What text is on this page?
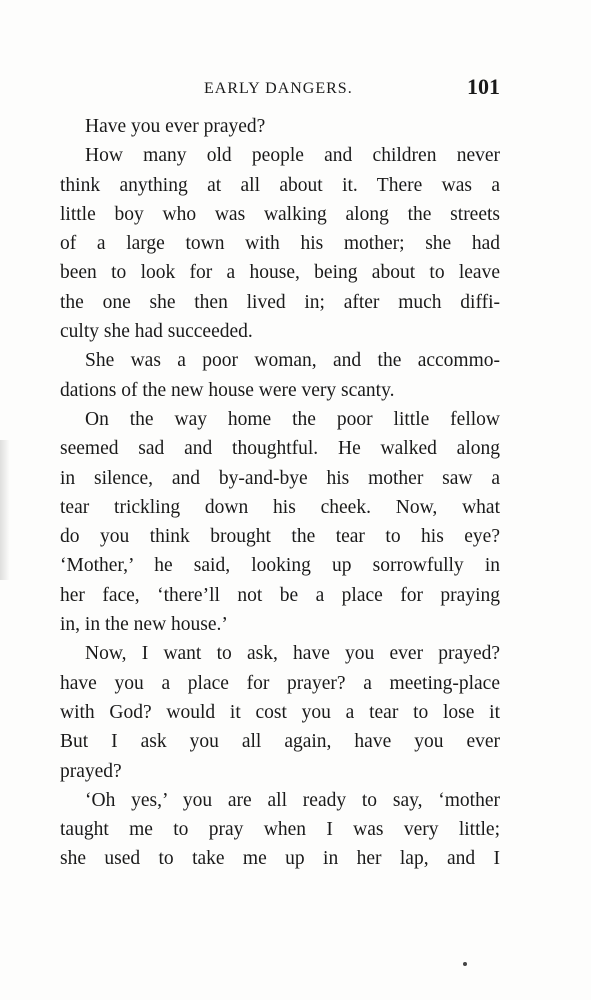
EARLY DANGERS.	101
Have you ever prayed?
How many old people and children never
think anything at all about it. There was a
little boy who was walking along the streets
of a large town with his mother; she had
been to look for a house, being about to leave
the one she then lived in; after much diffi-
culty she had succeeded.
She was a poor woman, and the accommo-
dations of the new house were very scanty.
On the way home the poor little fellow
seemed sad and thoughtful. He walked along
in silence, and by-and-bye his mother saw a
tear trickling down his cheek. Now, what
do you think brought the tear to his eye?
‘Mother,’ he said, looking up sorrowfully in
her face, ‘there’ll not be a place for praying
in, in the new house.’
Now, I want to ask, have you ever prayed?
have you a place for prayer? a meeting-place
with God? would it cost you a tear to lose it
But I ask you all again, have you ever
prayed?
‘Oh yes,’ you are all ready to say, ‘mother
taught me to pray when I was very little;
she used to take me up in her lap, and I
